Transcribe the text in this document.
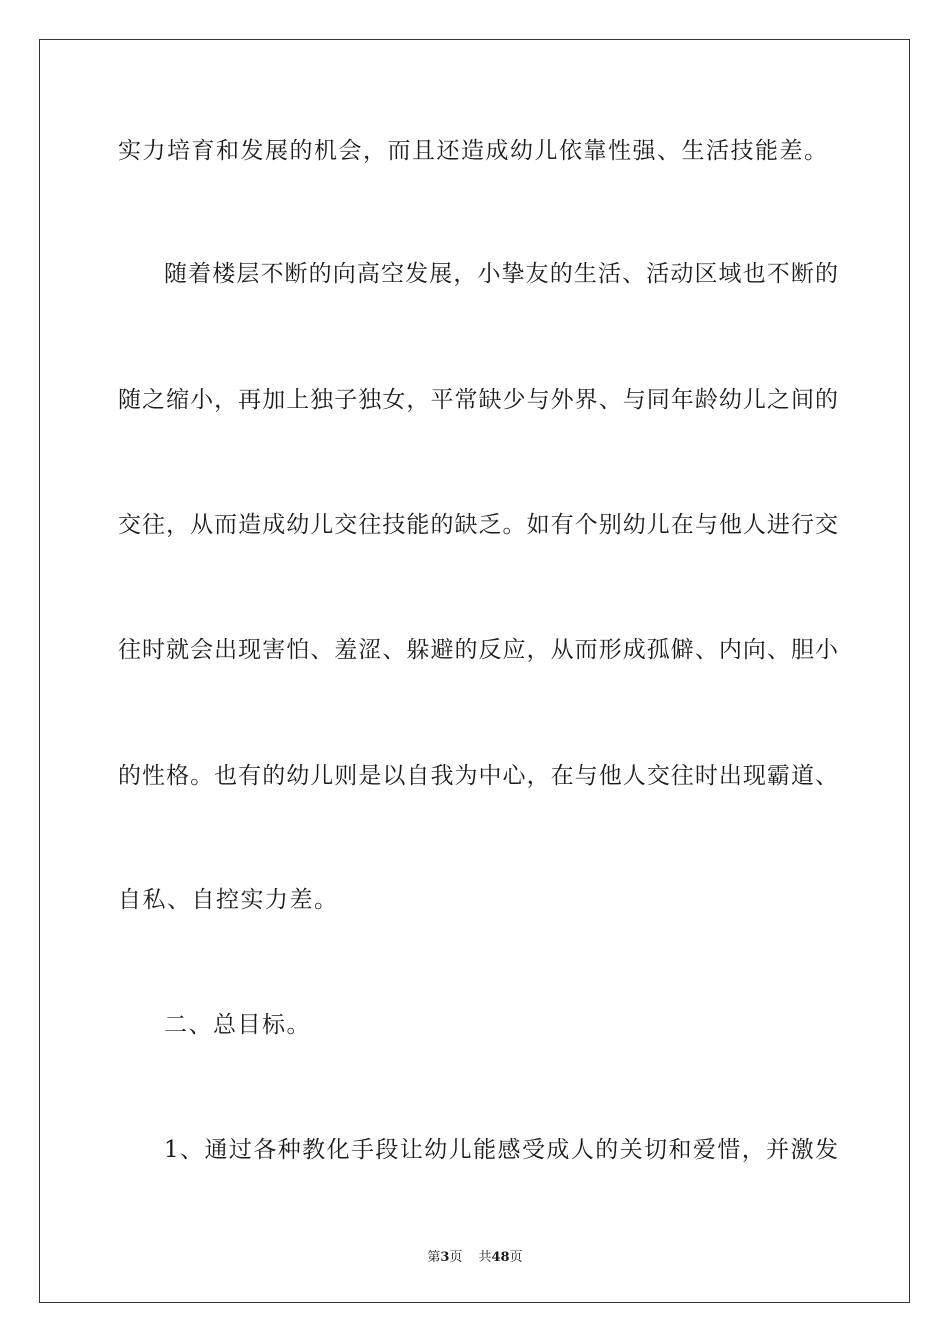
实力培育和发展的机会，而且还造成幼儿依靠性强、生活技能差。
随着楼层不断的向高空发展，小挚友的生活、活动区域也不断的
随之缩小，再加上独子独女，平常缺少与外界、与同年龄幼儿之间的
交往，从而造成幼儿交往技能的缺乏。如有个别幼儿在与他人进行交
往时就会出现害怕、羞涩、躲避的反应，从而形成孤僻、内向、胆小
的性格。也有的幼儿则是以自我为中心，在与他人交往时出现霸道、
自私、自控实力差。
二、总目标。
1、通过各种教化手段让幼儿能感受成人的关切和爱惜，并激发
第3页 共48页
